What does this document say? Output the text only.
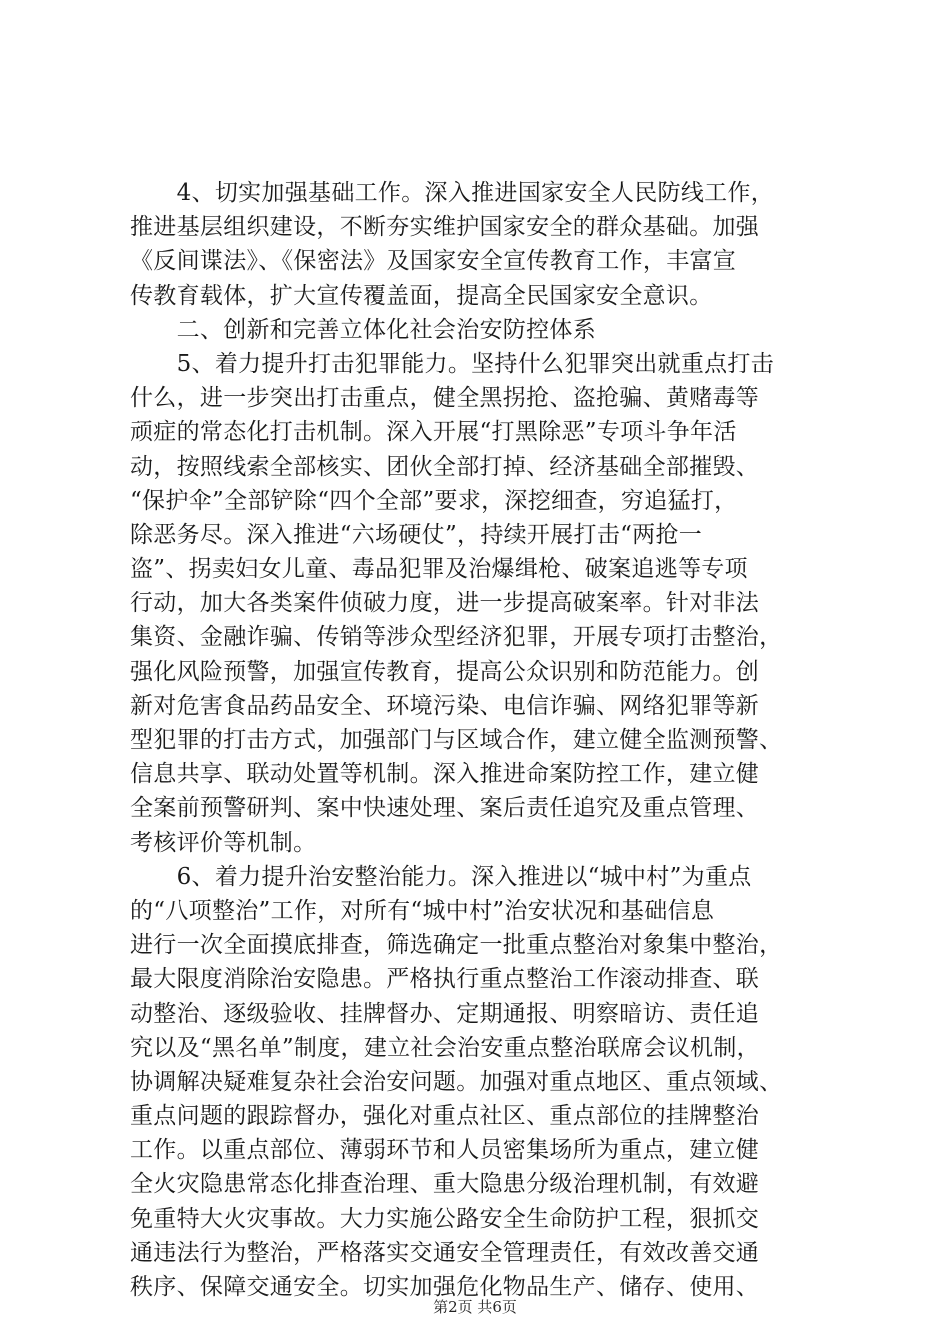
　　4、切实加强基础工作。深入推进国家安全人民防线工作，
推进基层组织建设，不断夯实维护国家安全的群众基础。加强
《反间谍法》、《保密法》及国家安全宣传教育工作，丰富宣
传教育载体，扩大宣传覆盖面，提高全民国家安全意识。
　　二、创新和完善立体化社会治安防控体系
　　5、着力提升打击犯罪能力。坚持什么犯罪突出就重点打击
什么，进一步突出打击重点，健全黑拐抢、盗抢骗、黄赌毒等
顽症的常态化打击机制。深入开展“打黑除恶”专项斗争年活
动，按照线索全部核实、团伙全部打掉、经济基础全部摧毁、
“保护伞”全部铲除“四个全部”要求，深挖细查，穷追猛打，
除恶务尽。深入推进“六场硬仗”，持续开展打击“两抢一
盗”、拐卖妇女儿童、毒品犯罪及治爆缉枪、破案追逃等专项
行动，加大各类案件侦破力度，进一步提高破案率。针对非法
集资、金融诈骗、传销等涉众型经济犯罪，开展专项打击整治，
强化风险预警，加强宣传教育，提高公众识别和防范能力。创
新对危害食品药品安全、环境污染、电信诈骗、网络犯罪等新
型犯罪的打击方式，加强部门与区域合作，建立健全监测预警、
信息共享、联动处置等机制。深入推进命案防控工作，建立健
全案前预警研判、案中快速处理、案后责任追究及重点管理、
考核评价等机制。
　　6、着力提升治安整治能力。深入推进以“城中村”为重点
的“八项整治”工作，对所有“城中村”治安状况和基础信息
进行一次全面摸底排查，筛选确定一批重点整治对象集中整治，
最大限度消除治安隐患。严格执行重点整治工作滚动排查、联
动整治、逐级验收、挂牌督办、定期通报、明察暗访、责任追
究以及“黑名单”制度，建立社会治安重点整治联席会议机制，
协调解决疑难复杂社会治安问题。加强对重点地区、重点领域、
重点问题的跟踪督办，强化对重点社区、重点部位的挂牌整治
工作。以重点部位、薄弱环节和人员密集场所为重点，建立健
全火灾隐患常态化排查治理、重大隐患分级治理机制，有效避
免重特大火灾事故。大力实施公路安全生命防护工程，狠抓交
通违法行为整治，严格落实交通安全管理责任，有效改善交通
秩序、保障交通安全。切实加强危化物品生产、储存、使用、
第2页 共6页
